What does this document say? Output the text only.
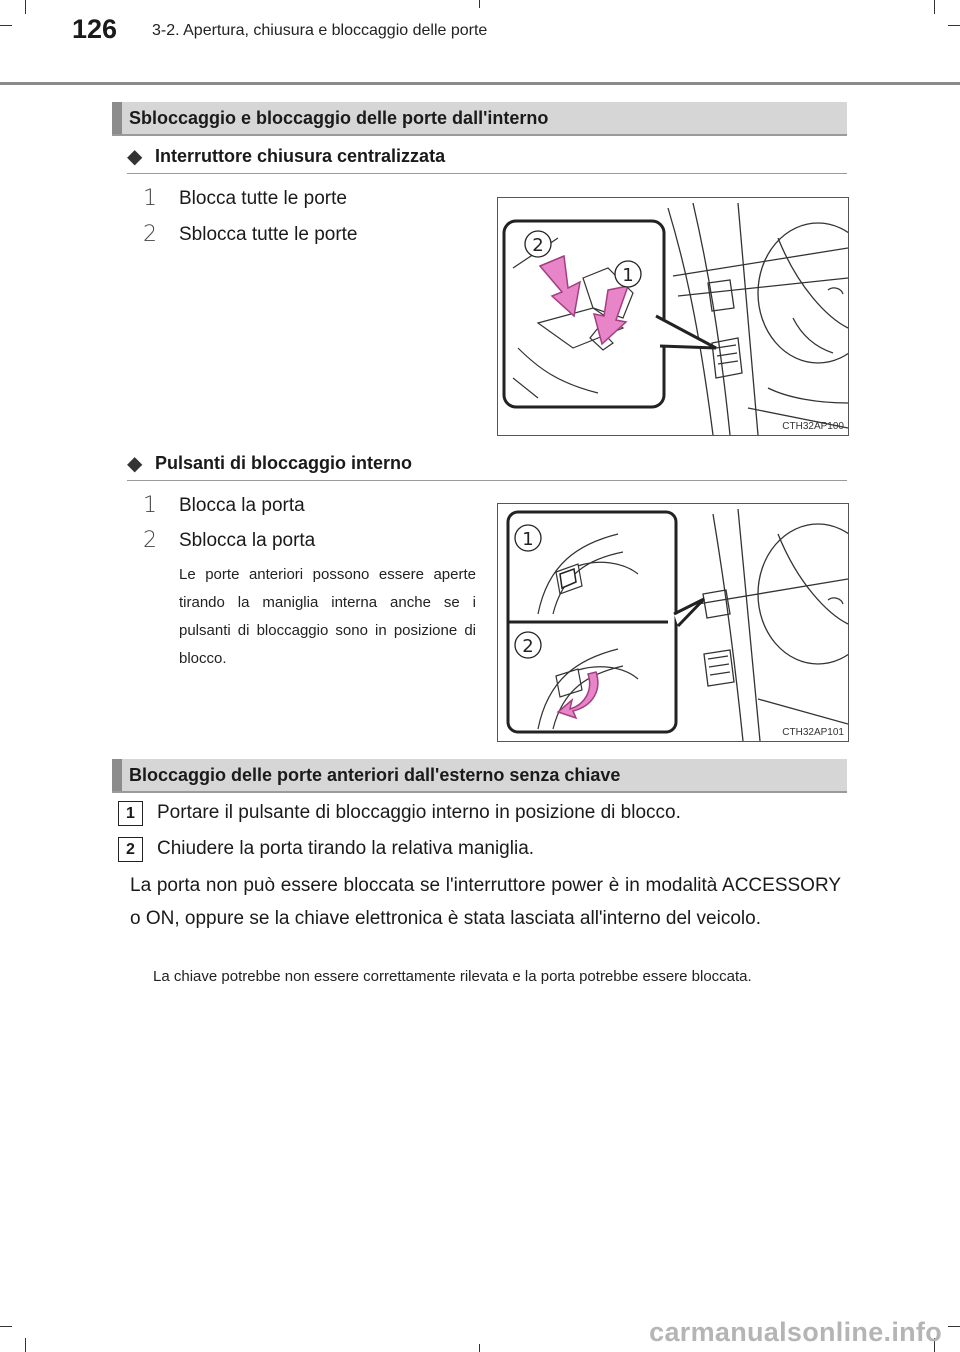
126 3-2. Apertura, chiusura e bloccaggio delle porte
Sbloccaggio e bloccaggio delle porte dall'interno
◆ Interruttore chiusura centralizzata
1 Blocca tutte le porte
2 Sblocca tutte le porte
2
1
CTH32AP100
◆ Pulsanti di bloccaggio interno
1 Blocca la porta
2 Sblocca la porta
Le porte anteriori possono essere aperte tirando la maniglia interna anche se i pulsanti di bloccaggio sono in posizione di blocco.
1
2
CTH32AP101
Bloccaggio delle porte anteriori dall'esterno senza chiave
1	Portare il pulsante di bloccaggio interno in posizione di blocco.
2	Chiudere la porta tirando la relativa maniglia.
La porta non può essere bloccata se l'interruttore power è in modalità ACCESSORY o ON, oppure se la chiave elettronica è stata lasciata all'interno del veicolo.
La chiave potrebbe non essere correttamente rilevata e la porta potrebbe essere bloccata.
carmanualsonline.info
